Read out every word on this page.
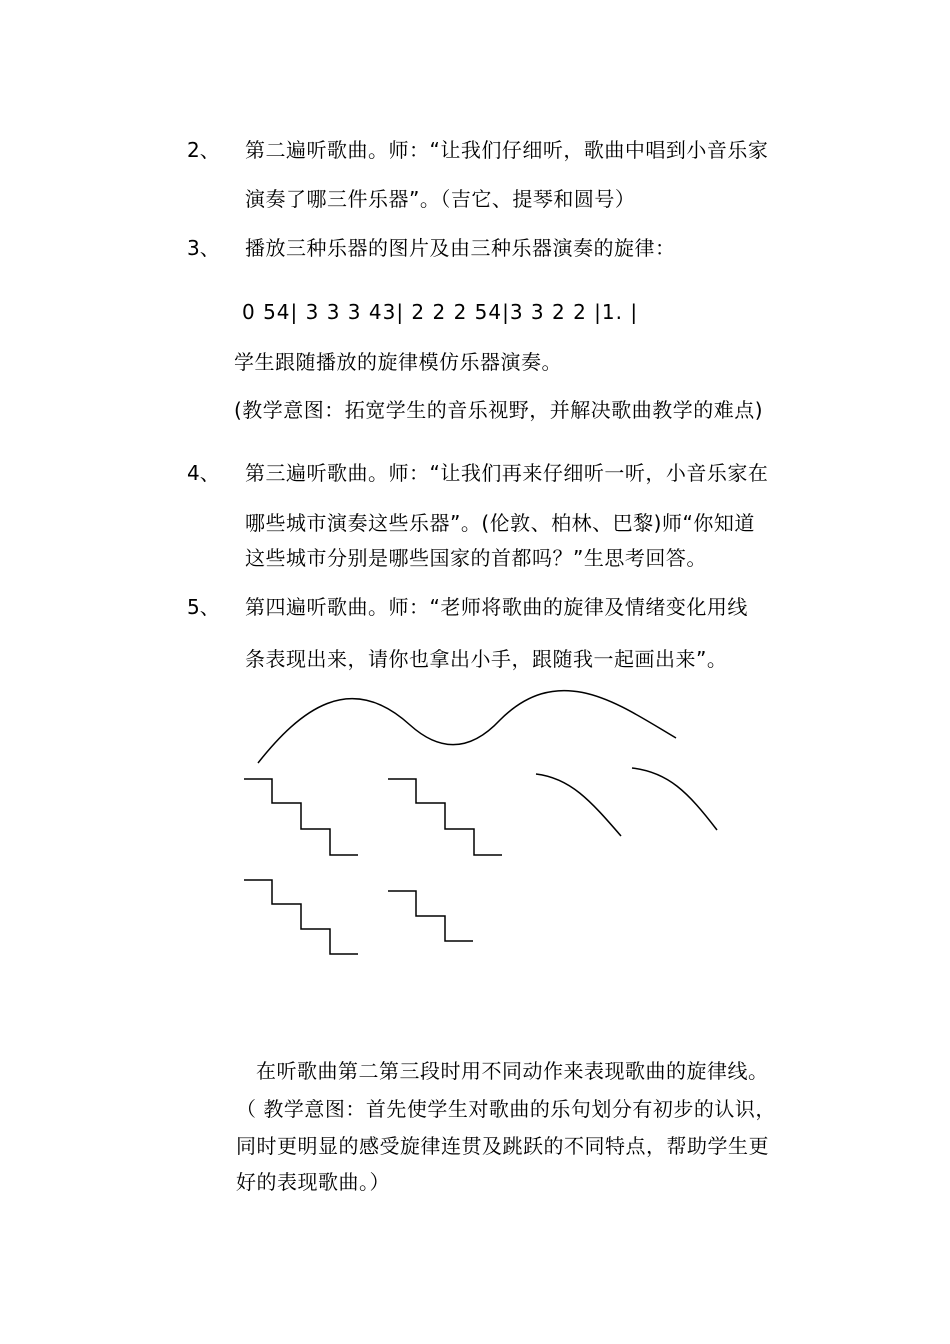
2、 第二遍听歌曲。师：“让我们仔细听，歌曲中唱到小音乐家
演奏了哪三件乐器”。（吉它、提琴和圆号）
3、 播放三种乐器的图片及由三种乐器演奏的旋律：
0 54| 3 3 3 43| 2 2 2 54|3 3 2 2 |1. |
学生跟随播放的旋律模仿乐器演奏。
(教学意图：拓宽学生的音乐视野，并解决歌曲教学的难点)
4、 第三遍听歌曲。师：“让我们再来仔细听一听，小音乐家在
哪些城市演奏这些乐器”。(伦敦、柏林、巴黎)师“你知道
这些城市分别是哪些国家的首都吗？”生思考回答。
5、 第四遍听歌曲。师：“老师将歌曲的旋律及情绪变化用线
条表现出来，请你也拿出小手，跟随我一起画出来”。
在听歌曲第二第三段时用不同动作来表现歌曲的旋律线。
（ 教学意图：首先使学生对歌曲的乐句划分有初步的认识，
同时更明显的感受旋律连贯及跳跃的不同特点，帮助学生更
好的表现歌曲。）
